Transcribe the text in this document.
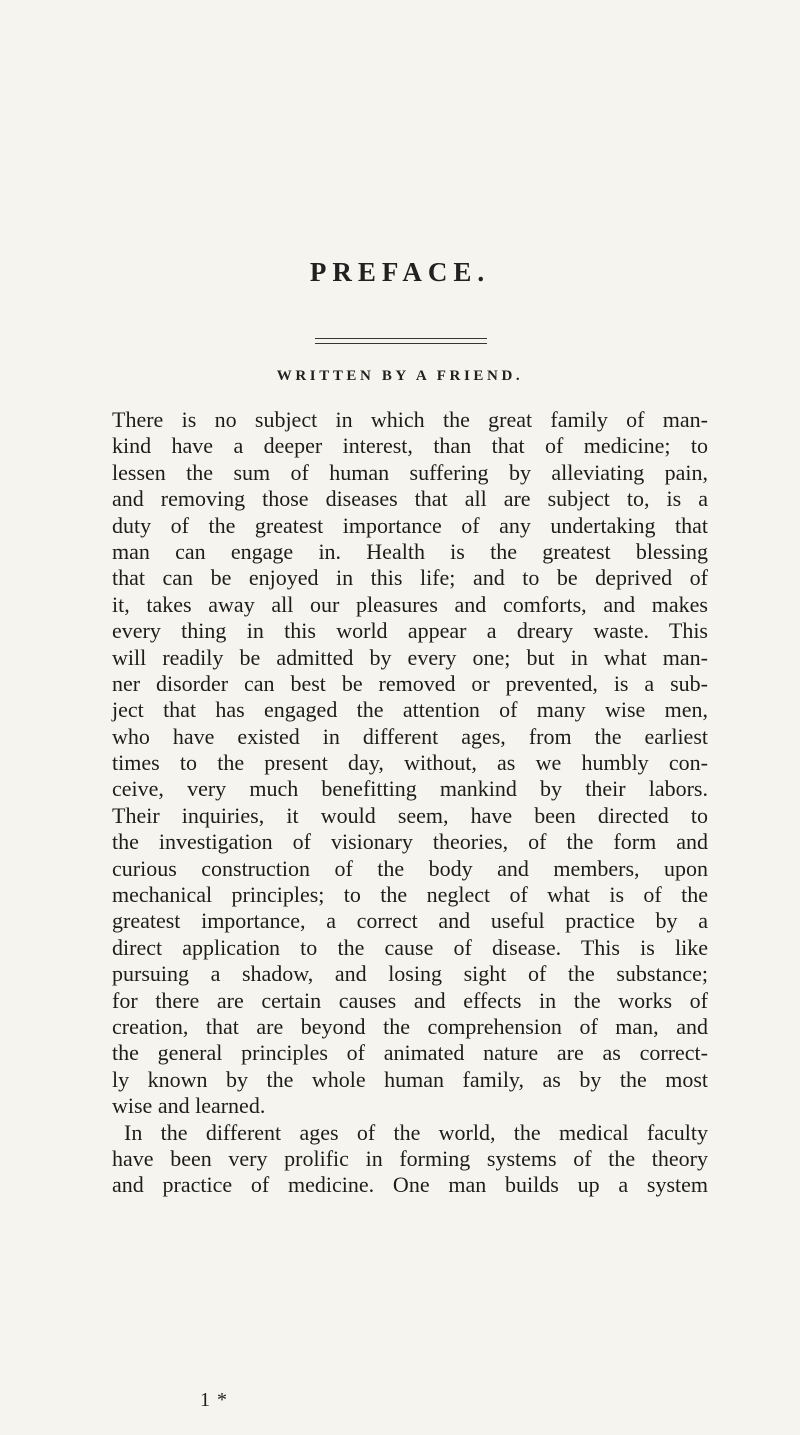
PREFACE.
WRITTEN BY A FRIEND.
There is no subject in which the great family of man-
kind have a deeper interest, than that of medicine; to
lessen the sum of human suffering by alleviating pain,
and removing those diseases that all are subject to, is a
duty of the greatest importance of any undertaking that
man can engage in. Health is the greatest blessing
that can be enjoyed in this life; and to be deprived of
it, takes away all our pleasures and comforts, and makes
every thing in this world appear a dreary waste. This
will readily be admitted by every one; but in what man-
ner disorder can best be removed or prevented, is a sub-
ject that has engaged the attention of many wise men,
who have existed in different ages, from the earliest
times to the present day, without, as we humbly con-
ceive, very much benefitting mankind by their labors.
Their inquiries, it would seem, have been directed to
the investigation of visionary theories, of the form and
curious construction of the body and members, upon
mechanical principles; to the neglect of what is of the
greatest importance, a correct and useful practice by a
direct application to the cause of disease. This is like
pursuing a shadow, and losing sight of the substance;
for there are certain causes and effects in the works of
creation, that are beyond the comprehension of man, and
the general principles of animated nature are as correct-
ly known by the whole human family, as by the most
wise and learned.
In the different ages of the world, the medical faculty
have been very prolific in forming systems of the theory
and practice of medicine. One man builds up a system
1 *
